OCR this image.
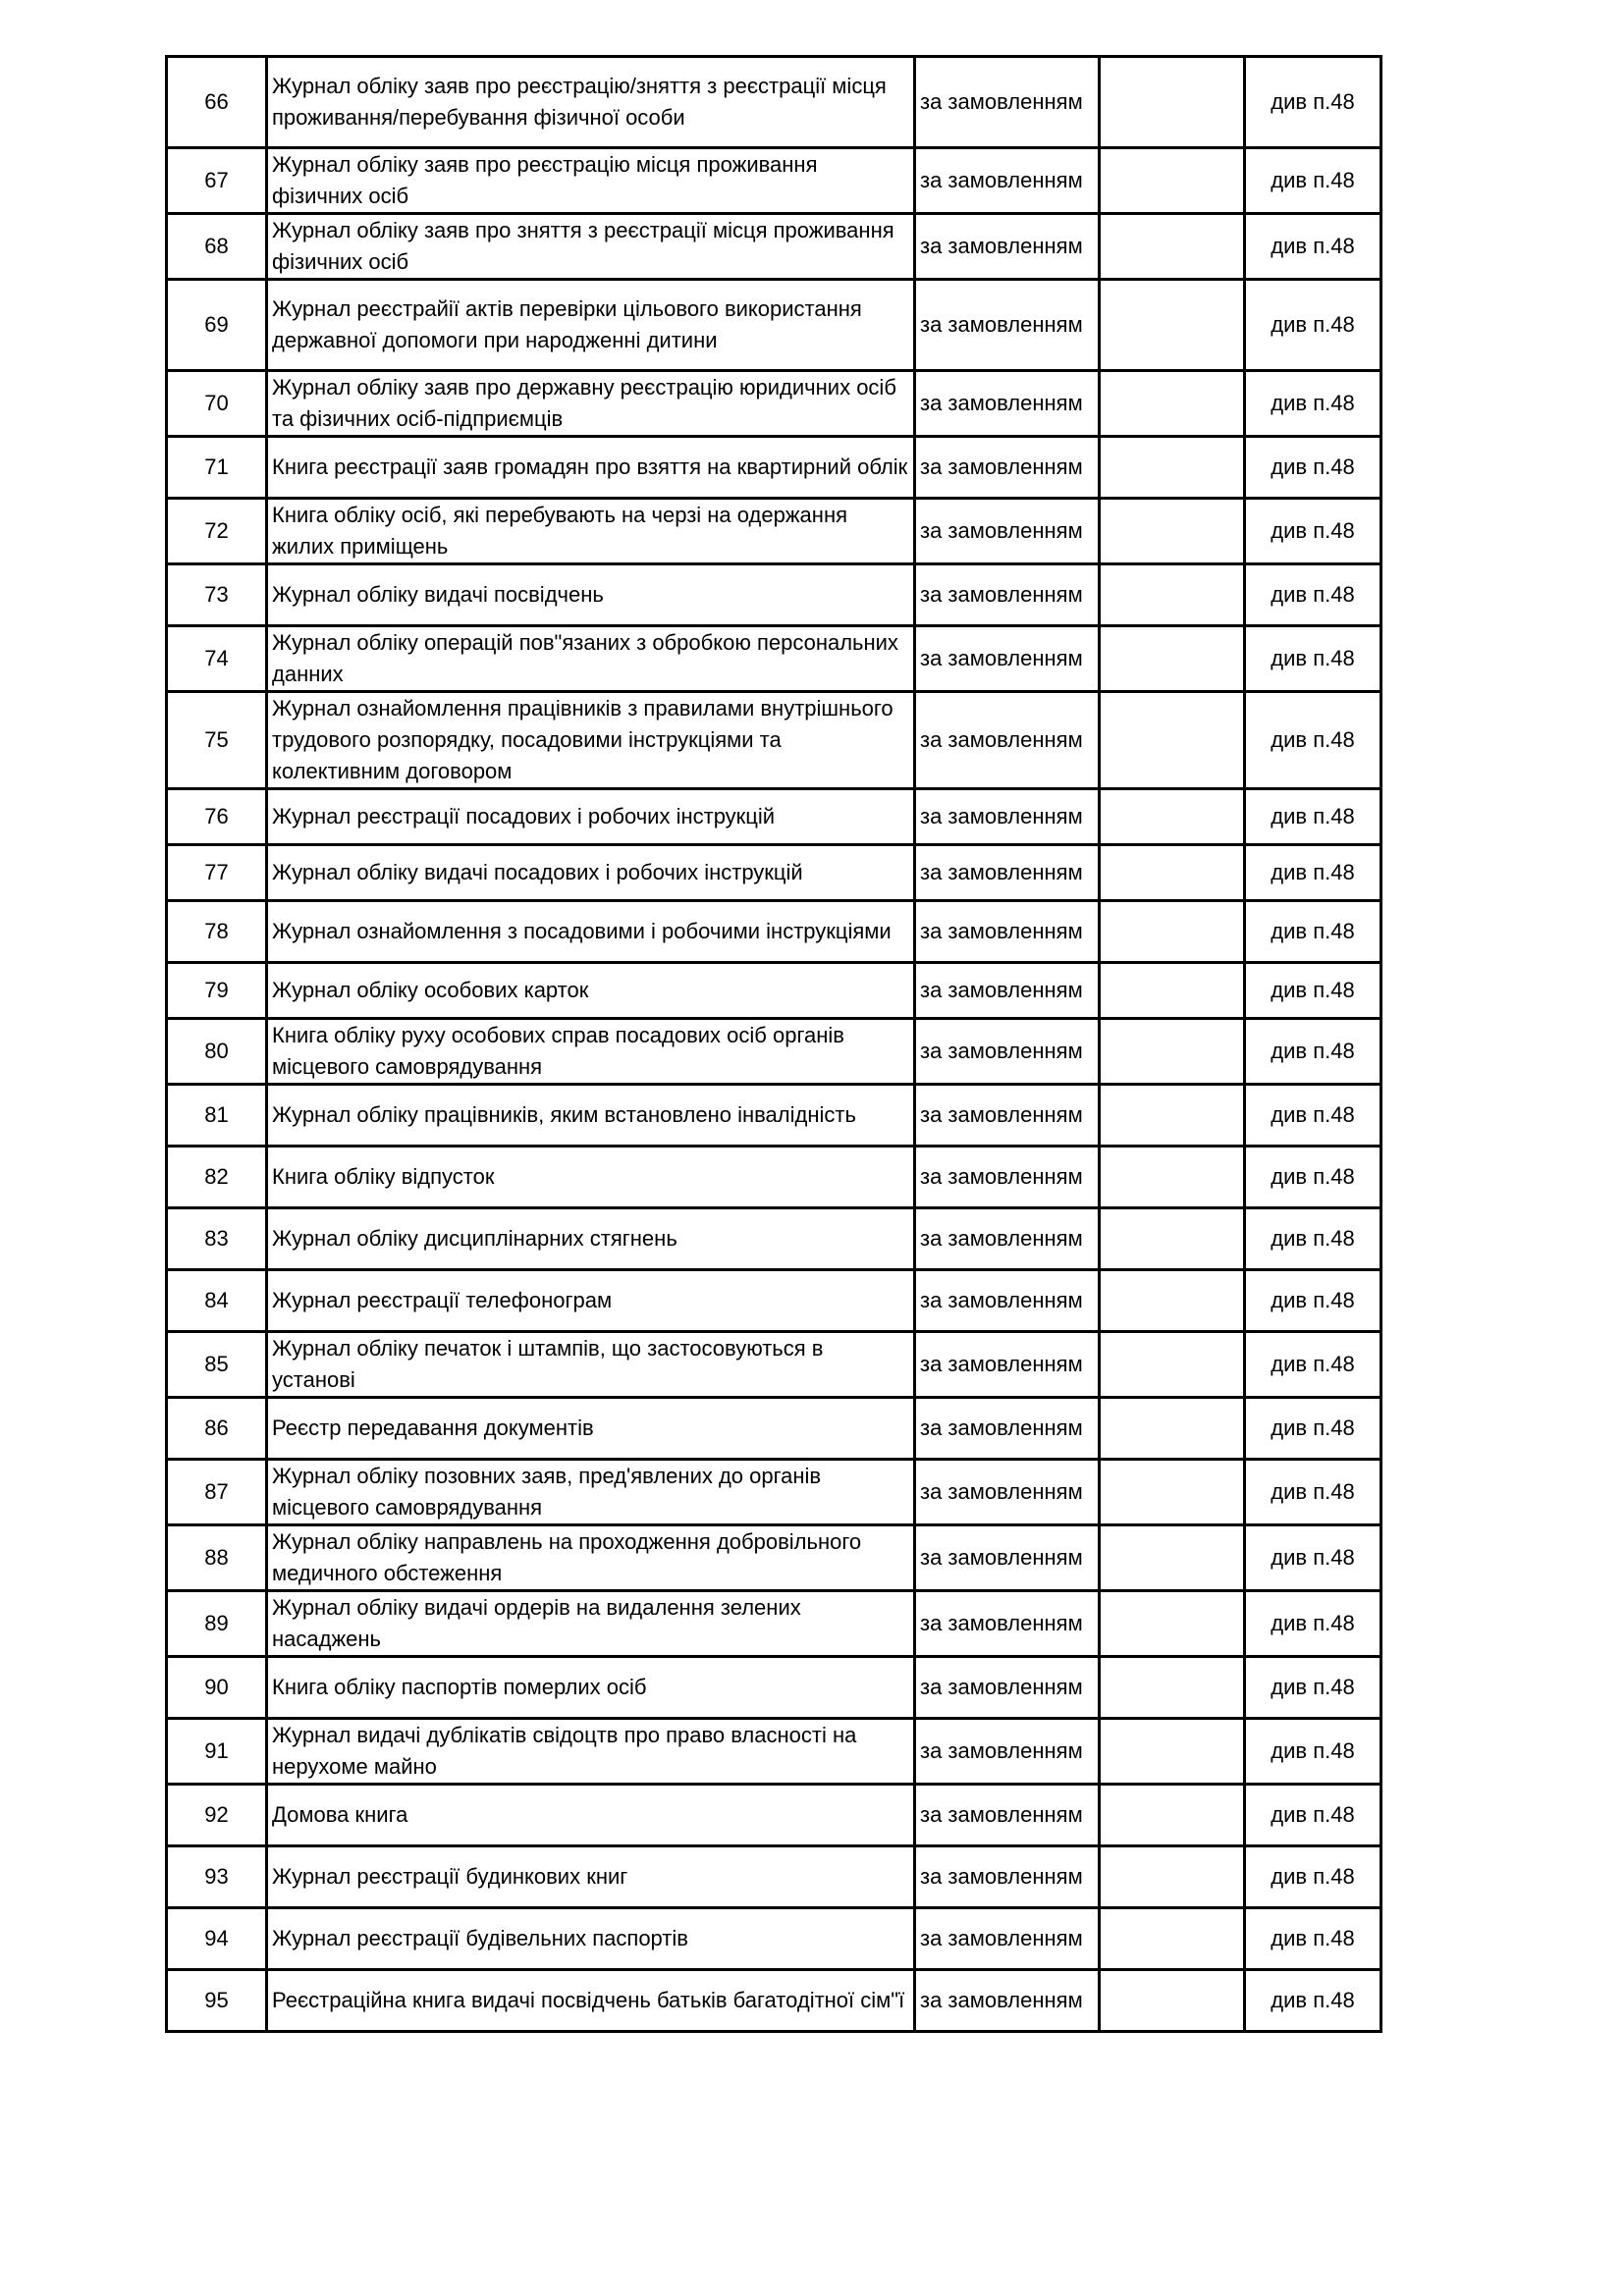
66	Журнал обліку заяв про реєстрацію/зняття з реєстрації місця проживання/перебування фізичної особи	за замовленням		див п.48
67	Журнал обліку заяв про реєстрацію місця проживання фізичних осіб	за замовленням		див п.48
68	Журнал обліку заяв про зняття з реєстрації місця проживання фізичних осіб	за замовленням		див п.48
69	Журнал реєстрайії актів перевірки цільового використання державної допомоги при народженні дитини	за замовленням		див п.48
70	Журнал обліку заяв про державну реєстрацію юридичних осіб та фізичних осіб-підприємців	за замовленням		див п.48
71	Книга реєстрації заяв громадян про взяття на квартирний облік	за замовленням		див п.48
72	Книга обліку осіб, які перебувають на черзі на одержання жилих приміщень	за замовленням		див п.48
73	Журнал обліку видачі посвідчень	за замовленням		див п.48
74	Журнал обліку операцій пов"язаних з обробкою персональних данних	за замовленням		див п.48
75	Журнал ознайомлення працівників з правилами внутрішнього трудового розпорядку, посадовими інструкціями та колективним договором	за замовленням		див п.48
76	Журнал реєстрації посадових і робочих інструкцій	за замовленням		див п.48
77	Журнал обліку видачі посадових і робочих інструкцій	за замовленням		див п.48
78	Журнал ознайомлення з посадовими і робочими інструкціями	за замовленням		див п.48
79	Журнал обліку особових карток	за замовленням		див п.48
80	Книга обліку руху особових справ посадових осіб органів місцевого самоврядування	за замовленням		див п.48
81	Журнал обліку працівників, яким встановлено інвалідність	за замовленням		див п.48
82	Книга обліку відпусток	за замовленням		див п.48
83	Журнал обліку дисциплінарних стягнень	за замовленням		див п.48
84	Журнал реєстрації телефонограм	за замовленням		див п.48
85	Журнал обліку печаток і штампів, що застосовуються в установі	за замовленням		див п.48
86	Реєстр передавання документів	за замовленням		див п.48
87	Журнал обліку позовних заяв, пред'явлених до органів місцевого самоврядування	за замовленням		див п.48
88	Журнал обліку направлень на проходження добровільного медичного обстеження	за замовленням		див п.48
89	Журнал обліку видачі ордерів на видалення зелених насаджень	за замовленням		див п.48
90	Книга обліку паспортів померлих осіб	за замовленням		див п.48
91	Журнал видачі дублікатів свідоцтв про право власності на нерухоме майно	за замовленням		див п.48
92	Домова книга	за замовленням		див п.48
93	Журнал реєстрації будинкових книг	за замовленням		див п.48
94	Журнал реєстрації будівельних паспортів	за замовленням		див п.48
95	Реєстраційна книга видачі посвідчень батьків багатодітної сім"ї	за замовленням		див п.48
